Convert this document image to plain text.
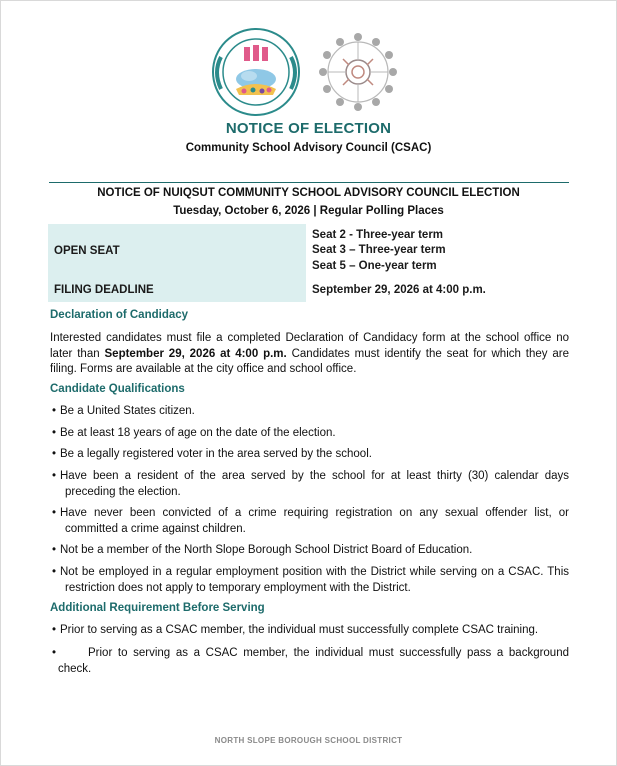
NOTICE OF ELECTION
Community School Advisory Council (CSAC)
NOTICE OF NUIQSUT COMMUNITY SCHOOL ADVISORY COUNCIL ELECTION
Tuesday, October 6, 2026 | Regular Polling Places
OPEN SEAT
Seat 2 - Three-year term
Seat 3 – Three-year term
Seat 5 – One-year term
FILING DEADLINE	September 29, 2026 at 4:00 p.m.
Declaration of Candidacy
Interested candidates must file a completed Declaration of Candidacy form at the school office no later than September 29, 2026 at 4:00 p.m. Candidates must identify the seat for which they are filing. Forms are available at the city office and school office.
Candidate Qualifications
• Be a United States citizen.
• Be at least 18 years of age on the date of the election.
• Be a legally registered voter in the area served by the school.
• Have been a resident of the area served by the school for at least thirty (30) calendar days preceding the election.
• Have never been convicted of a crime requiring registration on any sexual offender list, or committed a crime against children.
• Not be a member of the North Slope Borough School District Board of Education.
• Not be employed in a regular employment position with the District while serving on a CSAC. This restriction does not apply to temporary employment with the District.
Additional Requirement Before Serving
• Prior to serving as a CSAC member, the individual must successfully complete CSAC training.
•	Prior to serving as a CSAC member, the individual must successfully pass a background check.
NORTH SLOPE BOROUGH SCHOOL DISTRICT
